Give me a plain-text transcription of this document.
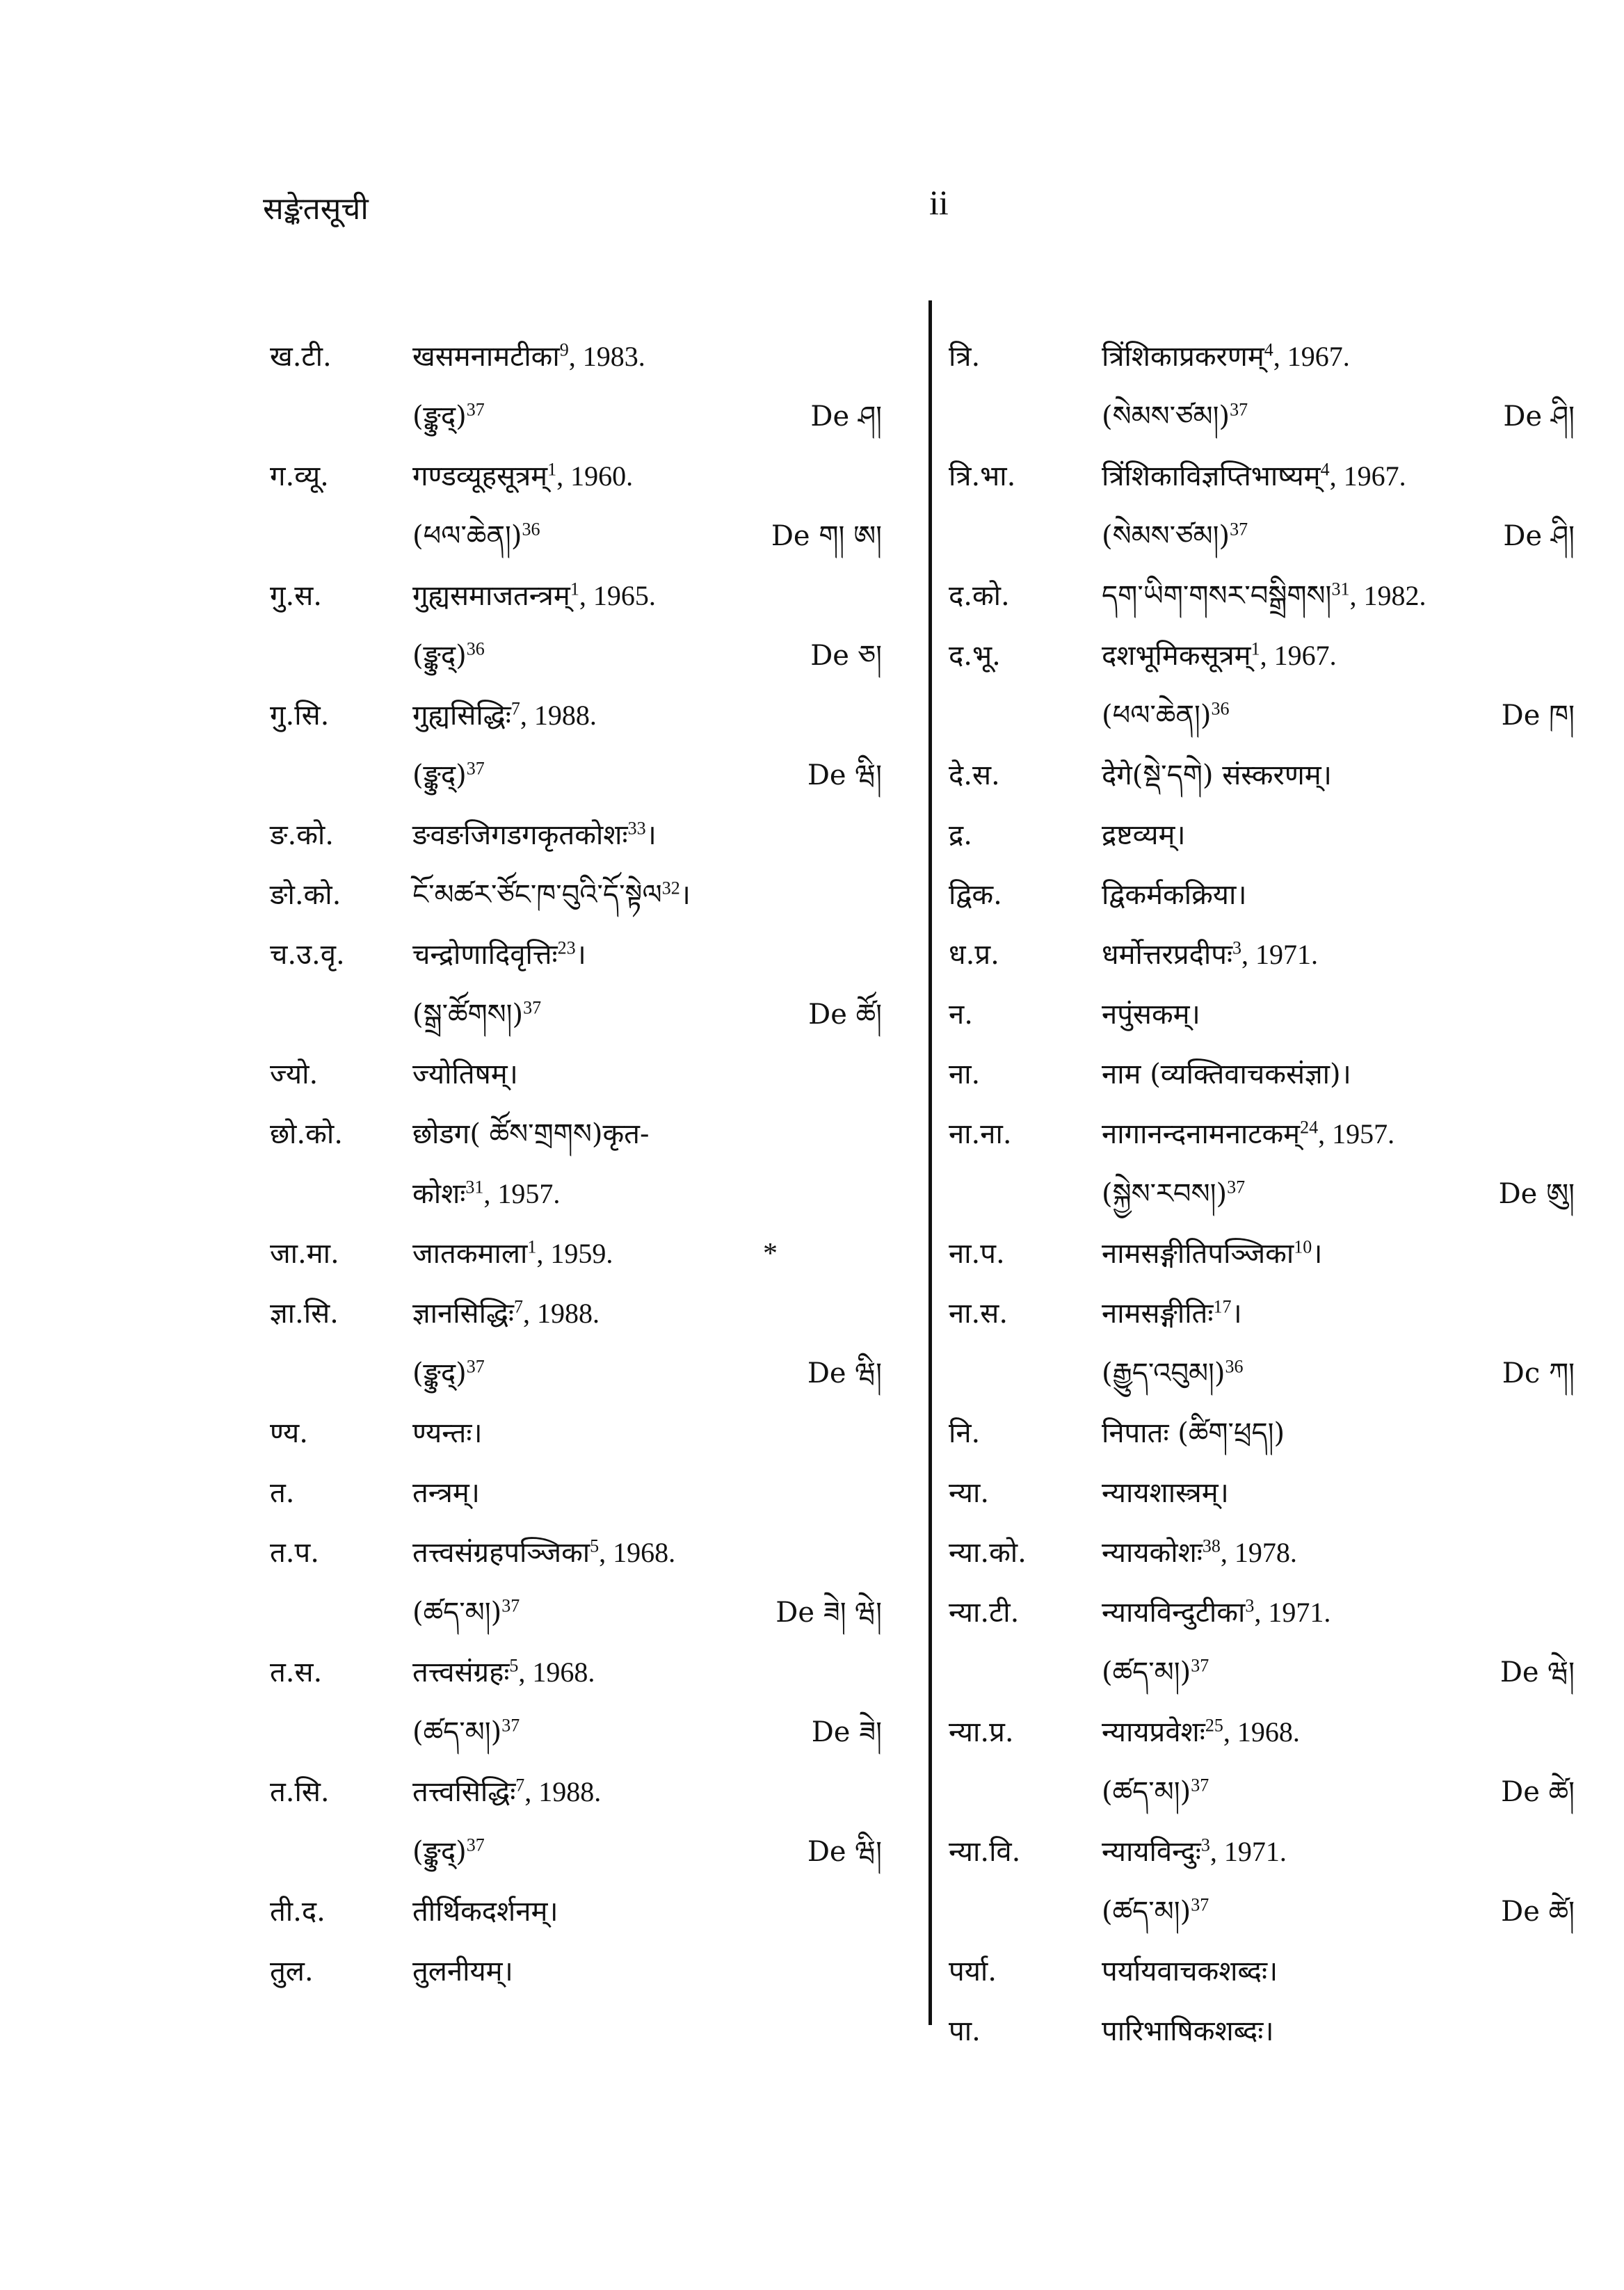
सङ्केतसूची	ii
ख.टी.	खसमनामटीका$^9$, 1983.
(ङ्कुद्)$^{37}$	De ཤ།
ग.व्यू.	गण्डव्यूहसूत्रम्$^1$, 1960.
(ཕལ་ཆེན།)$^{36}$	De ག། ཨ།
गु.स.	गुह्यसमाजतन्त्रम्$^1$, 1965.
(ङ्कुद्)$^{36}$	De ཅ།
गु.सि.	गुह्यसिद्धिः$^7$, 1988.
(ङ्कुद्)$^{37}$	De ཝི།
ङ.को.	ङवङजिगडगकृतकोशः$^{33}$।
ङो.को.	ངོ་མཚར་ཙོང་ཁ་བུའི་དོ་སྟེལ$^{32}$।
च.उ.वृ. चन्द्रोणादिवृत्तिः$^{23}$।
(སྒྲ་ཚོགས།)$^{37}$	De ཚོ།
ज्यो.	ज्योतिषम्।
छो.को.	छोडग( ཚོས་གྲགས)कृत-
कोशः$^{31}$, 1957.
जा.मा.	जातकमाला$^1$, 1959.	*
ज्ञा.सि.	ज्ञानसिद्धिः$^7$, 1988.
(ङ्कुद्)$^{37}$	De ཝི།
ण्य.	ण्यन्तः।
त.	तन्त्रम्।
त.प.	तत्त्वसंग्रहपञ्जिका$^5$, 1968.
(ཚད་མ།)$^{37}$	De ཟེ། ཝེ།
त.स.	तत्त्वसंग्रहः$^5$, 1968.
(ཚད་མ།)$^{37}$	De ཟེ།
त.सि.	तत्त्वसिद्धिः$^7$, 1988.
(ङ्कुद्)$^{37}$	De ཝི།
ती.द.	तीर्थिकदर्शनम्।
तुल.	तुलनीयम्।
त्रि.	त्रिंशिकाप्रकरणम्$^4$, 1967.
(སེམས་ཙམ།)$^{37}$	De ཤི།
त्रि.भा.	त्रिंशिकाविज्ञप्तिभाष्यम्$^4$, 1967.
(སེམས་ཙམ།)$^{37}$	De ཤི།
द.को.	དག་ཡིག་གསར་བསྒྲིགས།$^{31}$, 1982.
द.भू.	दशभूमिकसूत्रम्$^1$, 1967.
(ཕལ་ཆེན།)$^{36}$	De ཁ།
दे.स.	देगे(སྡེ་དགེ) संस्करणम्।
द्र.	द्रष्टव्यम्।
द्विक.	द्विकर्मकक्रिया।
ध.प्र.	धर्मोत्तरप्रदीपः$^3$, 1971.
न.	नपुंसकम्।
ना.	नाम (व्यक्तिवाचकसंज्ञा)।
ना.ना.	नागानन्दनामनाटकम्$^{24}$, 1957.
(སྐྱེས་རབས།)$^{37}$	De ཨུ།
ना.प.	नामसङ्गीतिपञ्जिका$^{10}$।
ना.स.	नामसङ्गीतिः$^{17}$।
(རྒྱུད་འབུམ།)$^{36}$	Dc ཀ།
नि.	निपातः (ཚིག་ཕྲད།)
न्या.	न्यायशास्त्रम्।
न्या.को.	न्यायकोशः$^{38}$, 1978.
न्या.टी.	न्यायविन्दुटीका$^3$, 1971.
(ཚད་མ།)$^{37}$	De ཝེ།
न्या.प्र.	न्यायप्रवेशः$^{25}$, 1968.
(ཚད་མ།)$^{37}$	De ཚེ།
न्या.वि.	न्यायविन्दुः$^3$, 1971.
(ཚད་མ།)$^{37}$	De ཚེ།
पर्या.	पर्यायवाचकशब्दः।
पा.	पारिभाषिकशब्दः।
